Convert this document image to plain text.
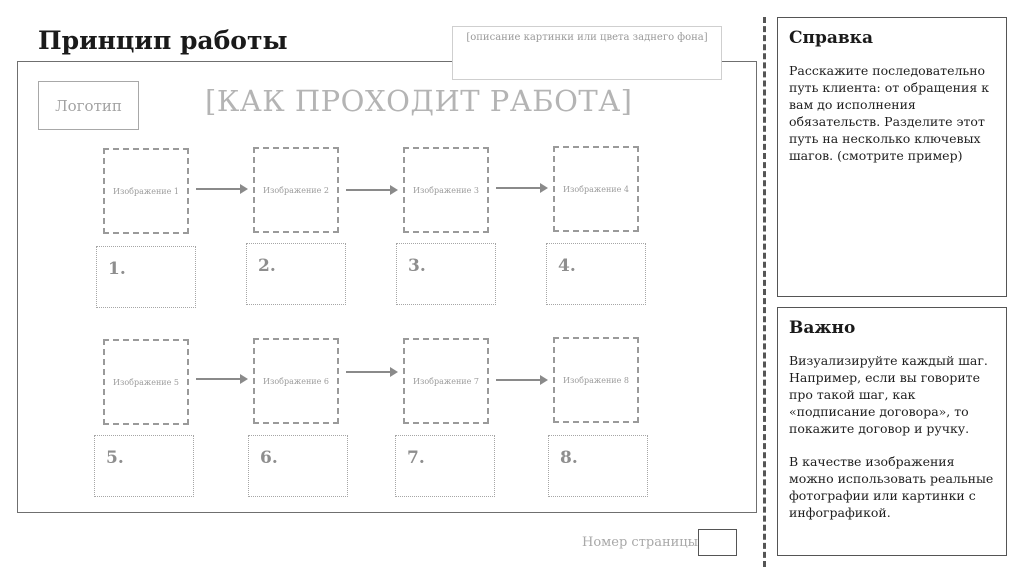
Принцип работы	[описание картинки или цвета заднего фона]
Логотип	[КАК ПРОХОДИТ РАБОТА]
Изображение 1	Изображение 2	Изображение 3	Изображение 4
1.	2.	3.	4.
Изображение 5	Изображение 6	Изображение 7	Изображение 8
5.	6.	7.	8.
Номер страницы
Справка
Расскажите последовательно путь клиента: от обращения к вам до исполнения обязательств. Разделите этот путь на несколько ключевых шагов. (смотрите пример)
Важно
Визуализируйте каждый шаг. Например, если вы говорите про такой шаг, как «подписание договора», то покажите договор и ручку.
В качестве изображения можно использовать реальные фотографии или картинки с инфографикой.
